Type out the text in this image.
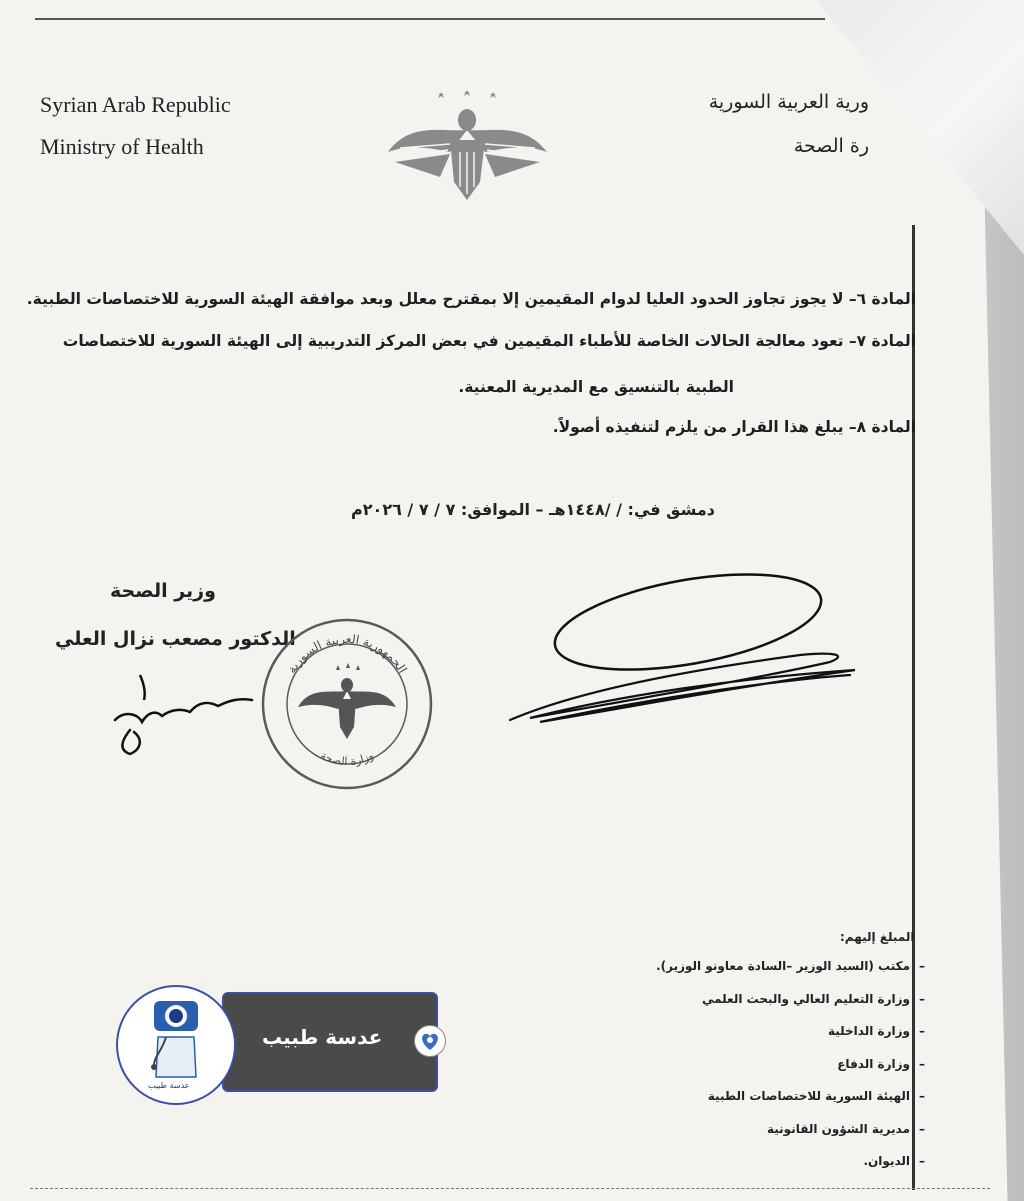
Syrian Arab Republic
Ministry of Health
ورية العربية السورية
رة الصحة
المادة ٦– لا يجوز تجاوز الحدود العليا لدوام المقيمين إلا بمقترح معلل وبعد موافقة الهيئة السورية للاختصاصات الطبية.
المادة ٧– تعود معالجة الحالات الخاصة للأطباء المقيمين في بعض المركز التدريبية إلى الهيئة السورية للاختصاصات
الطبية بالتنسيق مع المديرية المعنية.
المادة ٨– يبلغ هذا القرار من يلزم لتنفيذه أصولاً.
دمشق في: / /١٤٤٨هـ – الموافق: ٧ / ٧ / ٢٠٢٦م
وزير الصحة
الدكتور مصعب نزال العلي
الجمهورية العربية السورية
وزارة الصحة
المبلغ إليهم:
–مكتب (السيد الوزير –السادة معاونو الوزير).
–وزارة التعليم العالي والبحث العلمي
–وزارة الداخلية
–وزارة الدفاع
–الهيئة السورية للاختصاصات الطبية
–مديرية الشؤون القانونية
–الديوان.
عدسة طبيب
عدسة طبيب
